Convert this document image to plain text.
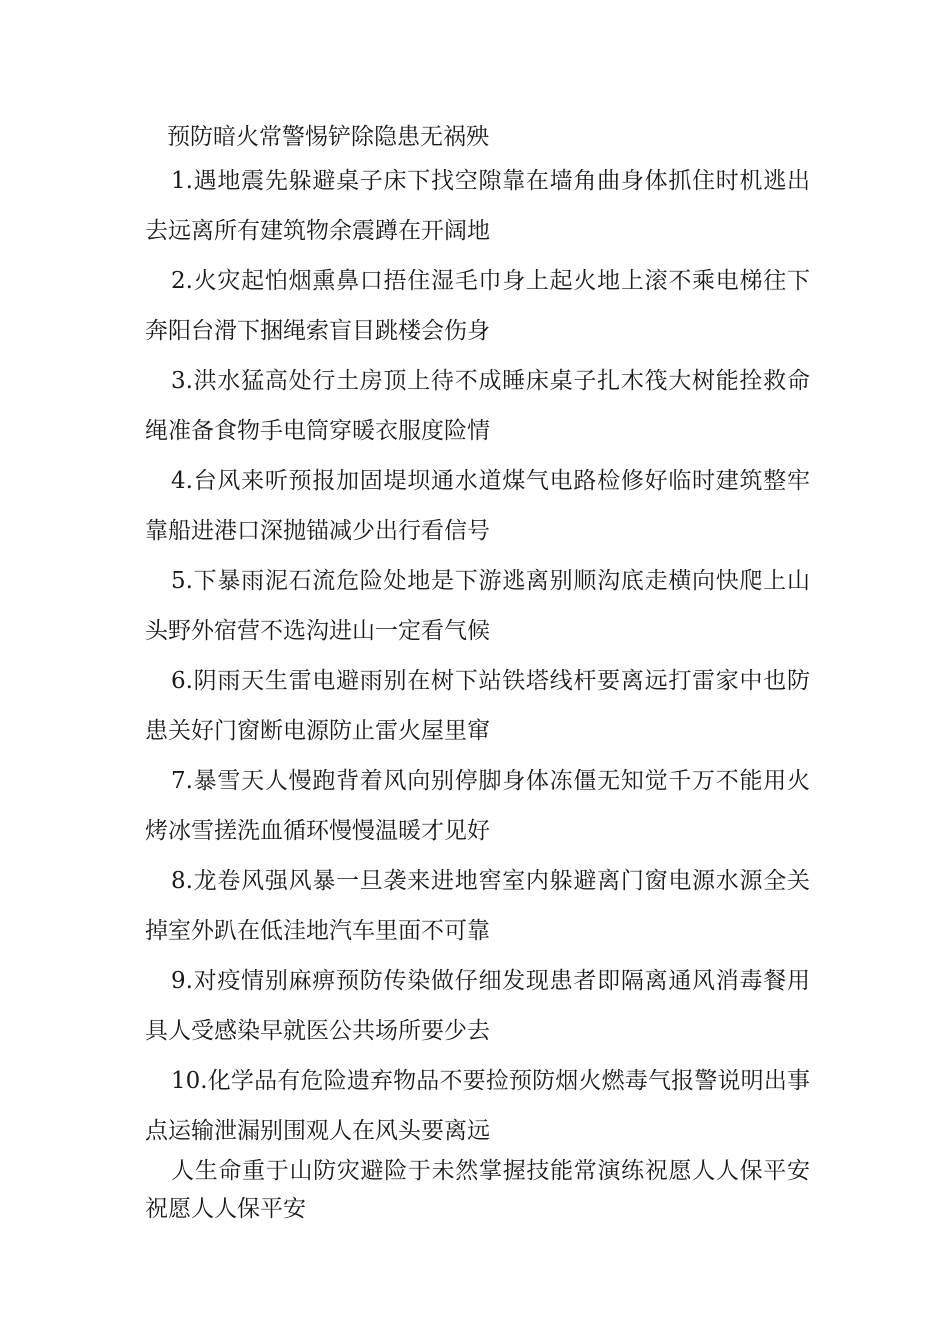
预防暗火常警惕铲除隐患无祸殃

1.遇地震先躲避桌子床下找空隙靠在墙角曲身体抓住时机逃出去远离所有建筑物余震蹲在开阔地

2.火灾起怕烟熏鼻口捂住湿毛巾身上起火地上滚不乘电梯往下奔阳台滑下捆绳索盲目跳楼会伤身

3.洪水猛高处行土房顶上待不成睡床桌子扎木筏大树能拴救命绳准备食物手电筒穿暖衣服度险情

4.台风来听预报加固堤坝通水道煤气电路检修好临时建筑整牢靠船进港口深抛锚减少出行看信号

5.下暴雨泥石流危险处地是下游逃离别顺沟底走横向快爬上山头野外宿营不选沟进山一定看气候

6.阴雨天生雷电避雨别在树下站铁塔线杆要离远打雷家中也防患关好门窗断电源防止雷火屋里窜

7.暴雪天人慢跑背着风向别停脚身体冻僵无知觉千万不能用火烤冰雪搓洗血循环慢慢温暖才见好

8.龙卷风强风暴一旦袭来进地窖室内躲避离门窗电源水源全关掉室外趴在低洼地汽车里面不可靠

9.对疫情别麻痹预防传染做仔细发现患者即隔离通风消毒餐用具人受感染早就医公共场所要少去

10.化学品有危险遗弃物品不要捡预防烟火燃毒气报警说明出事点运输泄漏别围观人在风头要离远

人生命重于山防灾避险于未然掌握技能常演练祝愿人人保平安祝愿人人保平安
